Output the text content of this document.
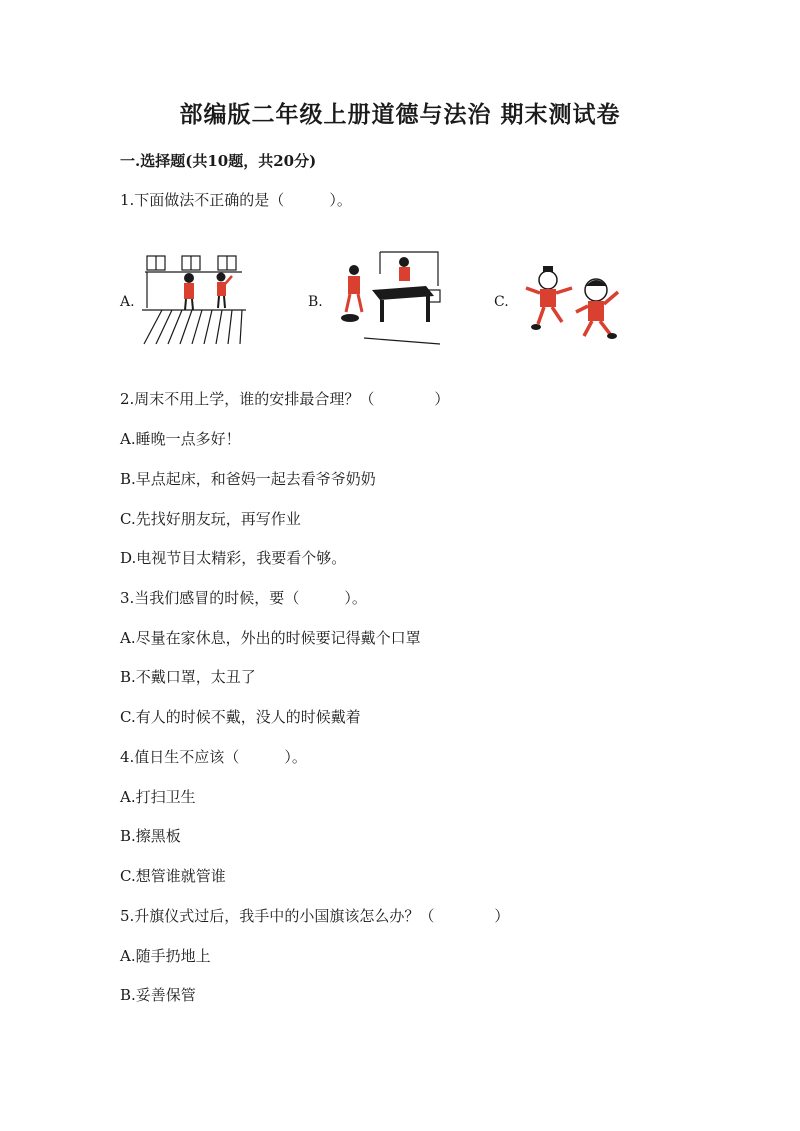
部编版二年级上册道德与法治 期末测试卷
一.选择题(共10题，共20分)
1.下面做法不正确的是（　　　）。
A.	B.	C.
2.周末不用上学，谁的安排最合理？（　　　　）
A.睡晚一点多好！
B.早点起床，和爸妈一起去看爷爷奶奶
C.先找好朋友玩，再写作业
D.电视节目太精彩，我要看个够。
3.当我们感冒的时候，要（　　　）。
A.尽量在家休息，外出的时候要记得戴个口罩
B.不戴口罩，太丑了
C.有人的时候不戴，没人的时候戴着
4.值日生不应该（　　　）。
A.打扫卫生
B.擦黑板
C.想管谁就管谁
5.升旗仪式过后，我手中的小国旗该怎么办？（　　　　）
A.随手扔地上
B.妥善保管
